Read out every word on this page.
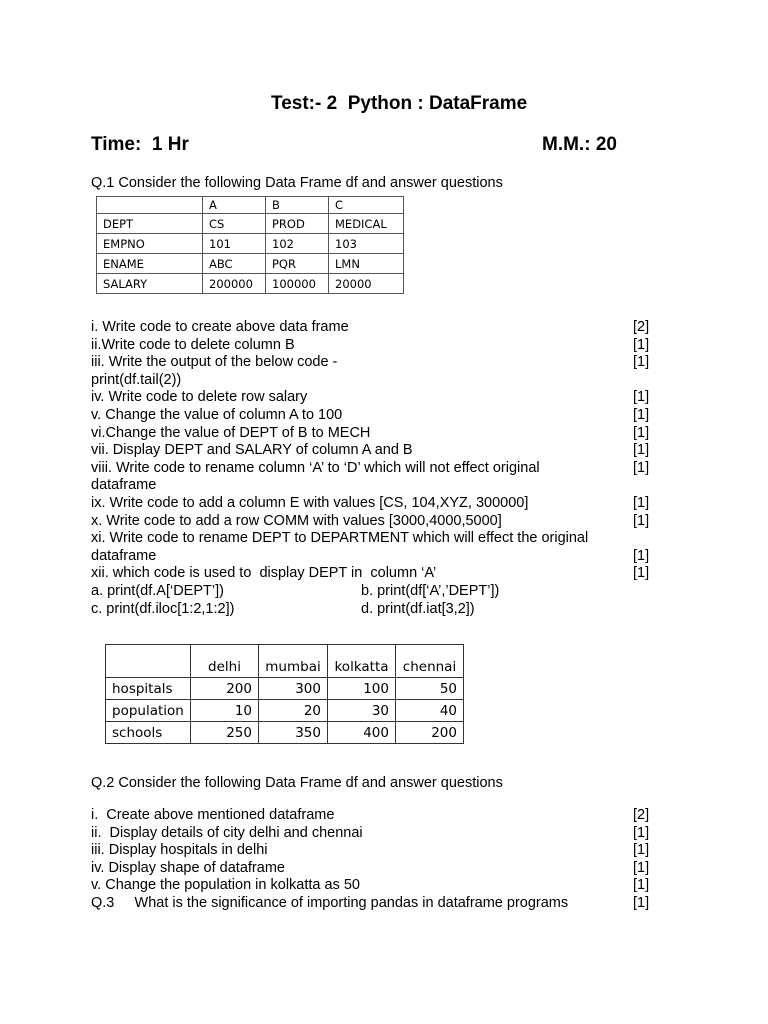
Test:- 2  Python : DataFrame
Time:  1 Hr	M.M.: 20
Q.1 Consider the following Data Frame df and answer questions
	A	B	C
DEPT	CS	PROD	MEDICAL
EMPNO	101	102	103
ENAME	ABC	PQR	LMN
SALARY	200000	100000	20000
i. Write code to create above data frame	[2]
ii.Write code to delete column B	[1]
iii. Write the output of the below code -	[1]
print(df.tail(2))
iv. Write code to delete row salary	[1]
v. Change the value of column A to 100	[1]
vi.Change the value of DEPT of B to MECH	[1]
vii. Display DEPT and SALARY of column A and B	[1]
viii. Write code to rename column ‘A’ to ‘D’ which will not effect original	[1]
dataframe
ix. Write code to add a column E with values [CS, 104,XYZ, 300000]	[1]
x. Write code to add a row COMM with values [3000,4000,5000]	[1]
xi. Write code to rename DEPT to DEPARTMENT which will effect the original
dataframe	[1]
xii. which code is used to  display DEPT in  column ‘A’	[1]
a. print(df.A[‘DEPT’])	b. print(df[‘A’,’DEPT’])
c. print(df.iloc[1:2,1:2])	d. print(df.iat[3,2])
	delhi	mumbai	kolkatta	chennai
hospitals	200	300	100	50
population	10	20	30	40
schools	250	350	400	200
Q.2 Consider the following Data Frame df and answer questions
i.  Create above mentioned dataframe	[2]
ii.  Display details of city delhi and chennai	[1]
iii. Display hospitals in delhi	[1]
iv. Display shape of dataframe	[1]
v. Change the population in kolkatta as 50	[1]
Q.3     What is the significance of importing pandas in dataframe programs	[1]
